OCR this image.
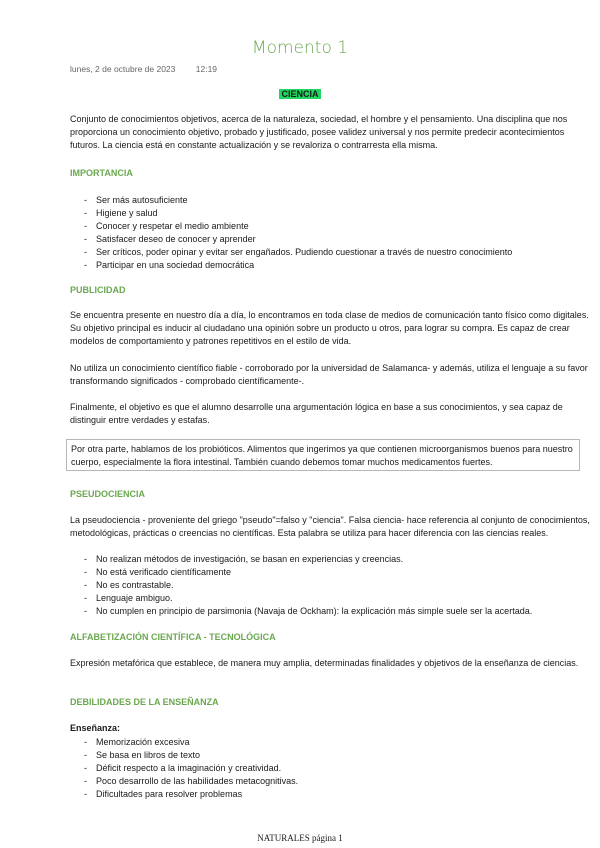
Momento 1
lunes, 2 de octubre de 2023 12:19
CIENCIA
Conjunto de conocimientos objetivos, acerca de la naturaleza, sociedad, el hombre y el pensamiento. Una disciplina que nos proporciona un conocimiento objetivo, probado y justificado, posee validez universal y nos permite predecir acontecimientos futuros. La ciencia está en constante actualización y se revaloriza o contrarresta ella misma.
IMPORTANCIA
- Ser más autosuficiente
- Higiene y salud
- Conocer y respetar el medio ambiente
- Satisfacer deseo de conocer y aprender
- Ser críticos, poder opinar y evitar ser engañados. Pudiendo cuestionar a través de nuestro conocimiento
- Participar en una sociedad democrática
PUBLICIDAD
Se encuentra presente en nuestro día a día, lo encontramos en toda clase de medios de comunicación tanto físico como digitales. Su objetivo principal es inducir al ciudadano una opinión sobre un producto u otros, para lograr su compra. Es capaz de crear modelos de comportamiento y patrones repetitivos en el estilo de vida.
No utiliza un conocimiento científico fiable - corroborado por la universidad de Salamanca- y además, utiliza el lenguaje a su favor transformando significados - comprobado científicamente-.
Finalmente, el objetivo es que el alumno desarrolle una argumentación lógica en base a sus conocimientos, y sea capaz de distinguir entre verdades y estafas.
Por otra parte, hablamos de los probióticos. Alimentos que ingerimos ya que contienen microorganismos buenos para nuestro cuerpo, especialmente la flora intestinal. También cuando debemos tomar muchos medicamentos fuertes.
PSEUDOCIENCIA
La pseudociencia - proveniente del griego "pseudo"=falso y "ciencia". Falsa ciencia- hace referencia al conjunto de conocimientos, metodológicas, prácticas o creencias no científicas. Esta palabra se utiliza para hacer diferencia con las ciencias reales.
- No realizan métodos de investigación, se basan en experiencias y creencias.
- No está verificado científicamente
- No es contrastable.
- Lenguaje ambiguo.
- No cumplen en principio de parsimonia (Navaja de Ockham): la explicación más simple suele ser la acertada.
ALFABETIZACIÓN CIENTÍFICA - TECNOLÓGICA
Expresión metafórica que establece, de manera muy amplia, determinadas finalidades y objetivos de la enseñanza de ciencias.
DEBILIDADES DE LA ENSEÑANZA
Enseñanza:
- Memorización excesiva
- Se basa en libros de texto
- Déficit respecto a la imaginación y creatividad.
- Poco desarrollo de las habilidades metacognitivas.
- Dificultades para resolver problemas
NATURALES página 1
